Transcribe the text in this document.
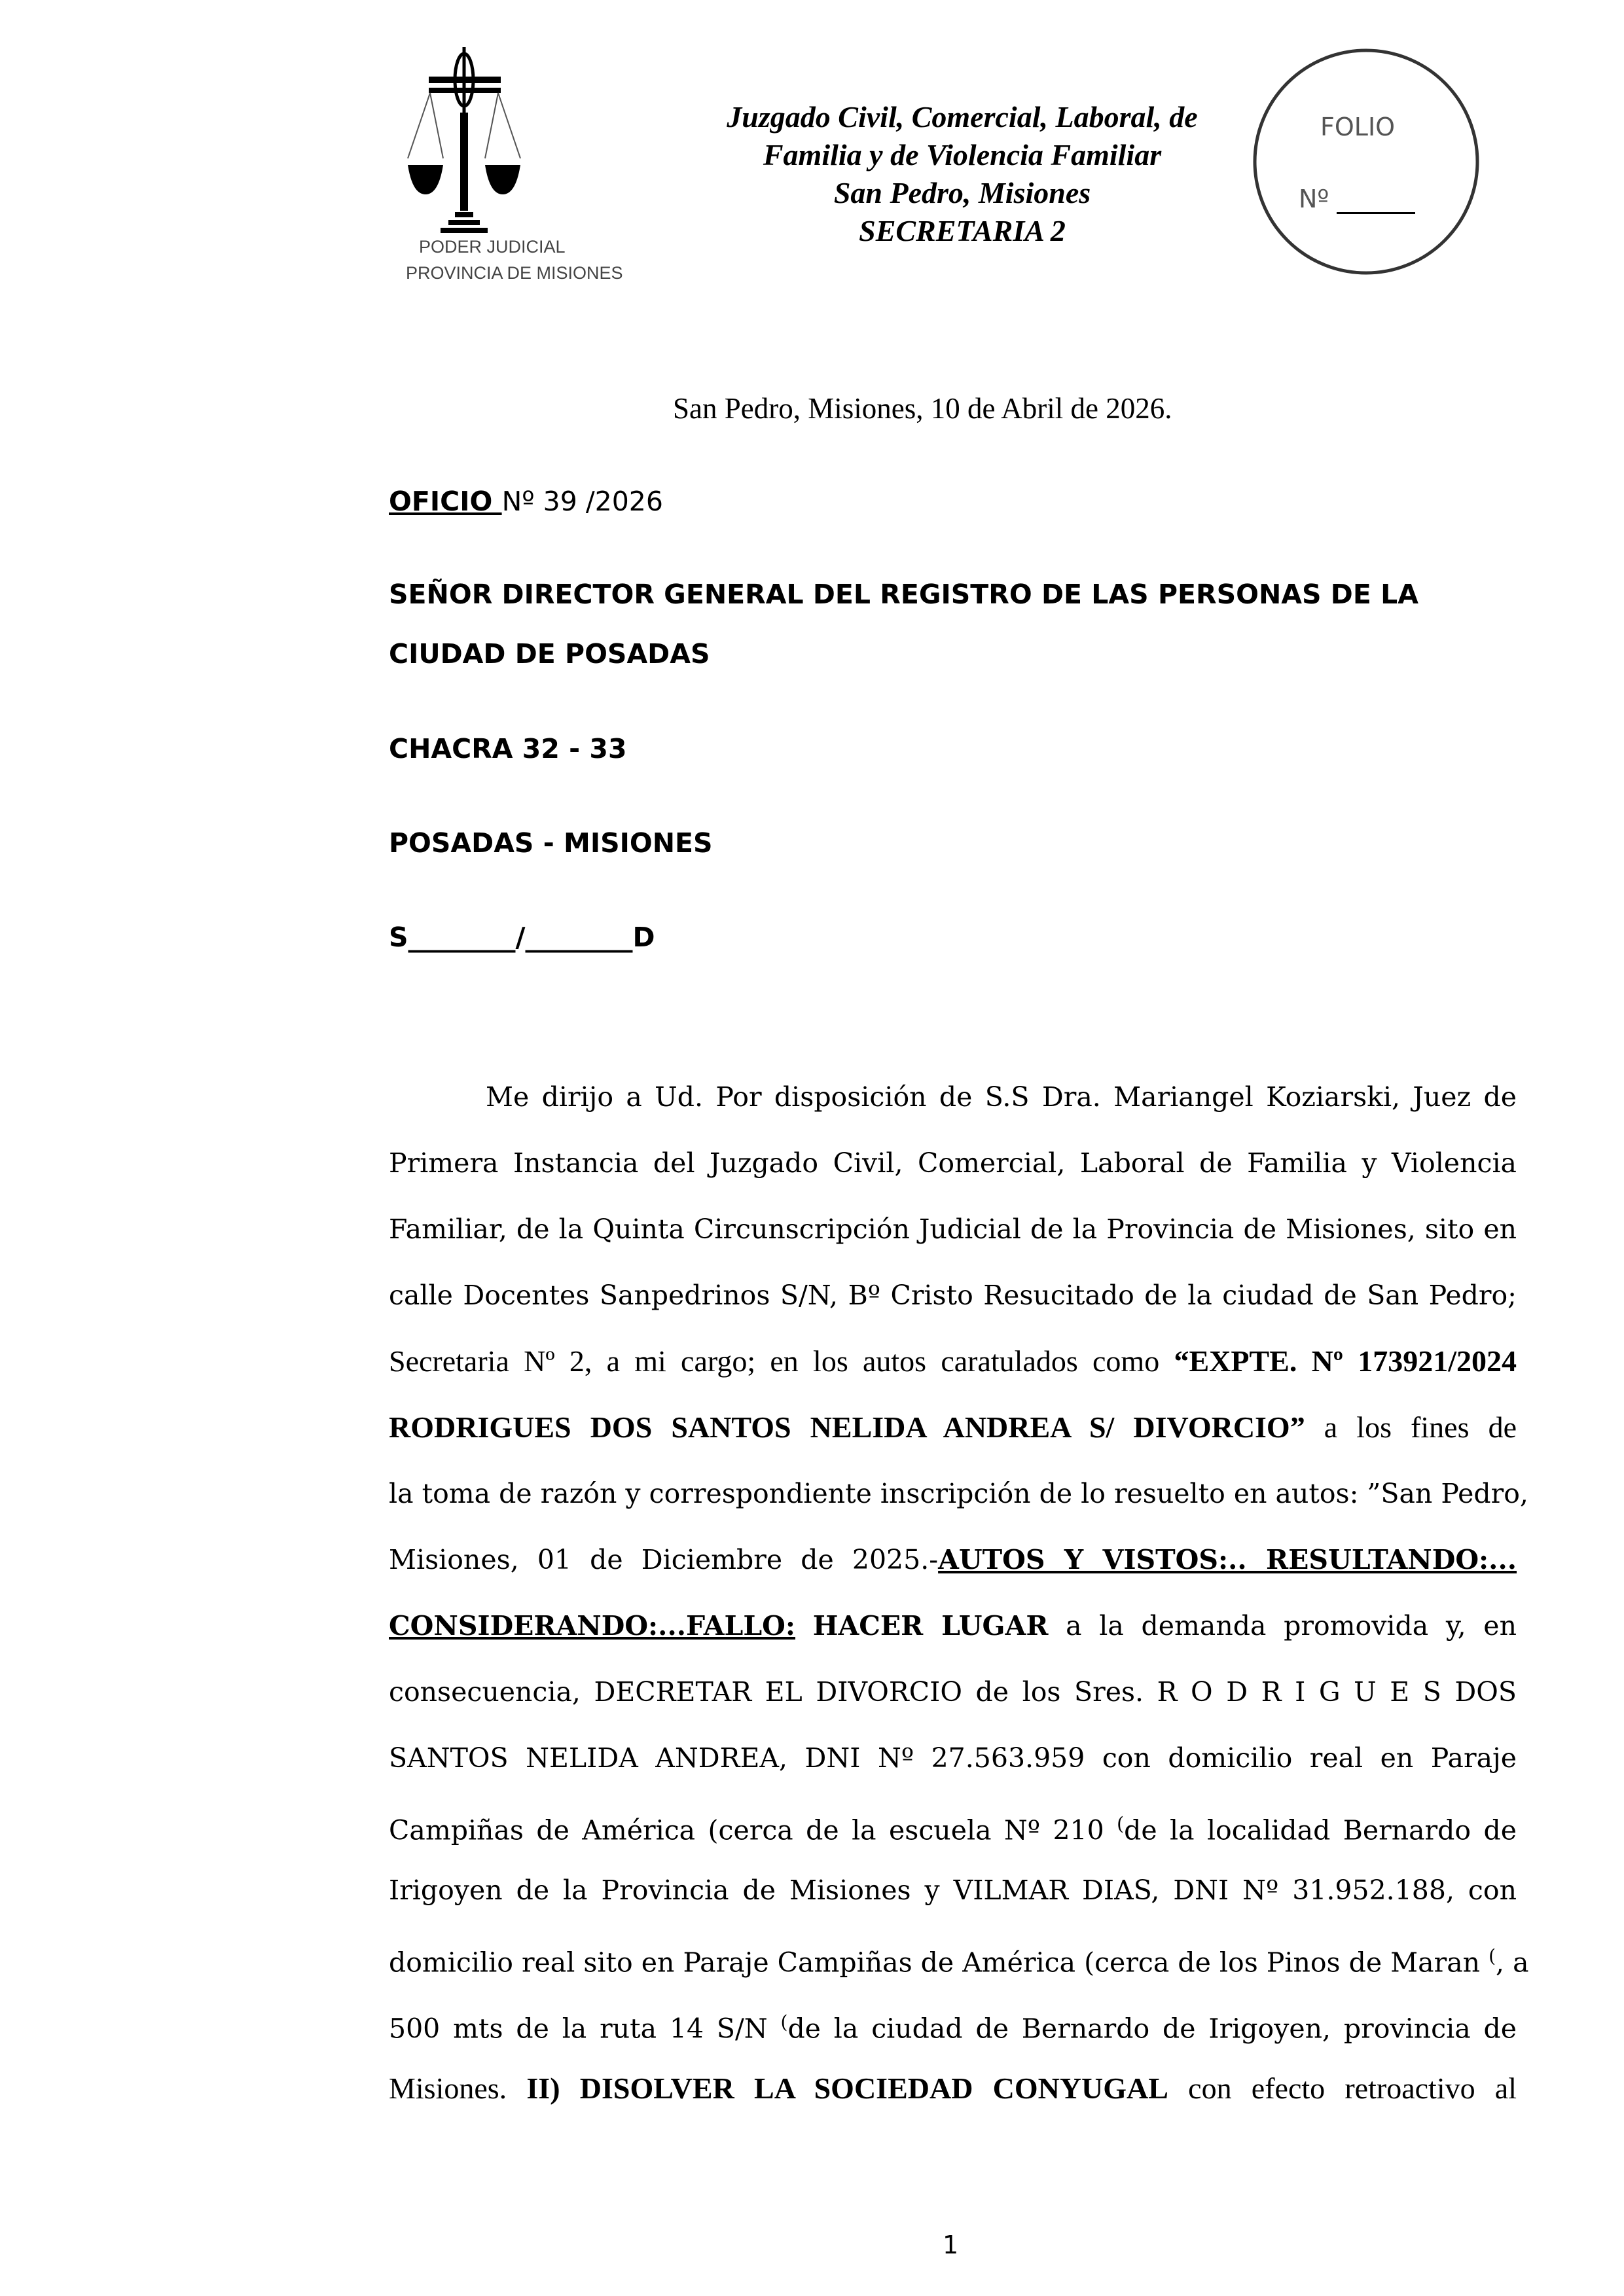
PODER JUDICIAL
PROVINCIA DE MISIONES
Juzgado Civil, Comercial, Laboral, de
Familia y de Violencia Familiar
San Pedro, Misiones
SECRETARIA 2
FOLIO
Nº
San Pedro, Misiones, 10 de Abril de 2026.
OFICIO Nº 39 /2026
SEÑOR DIRECTOR GENERAL DEL REGISTRO DE LAS PERSONAS DE LA
CIUDAD DE POSADAS
CHACRA 32 - 33
POSADAS - MISIONES
S________/________D
Me dirijo a Ud. Por disposición de S.S Dra. Mariangel Koziarski, Juez de
Primera Instancia del Juzgado Civil, Comercial, Laboral de Familia y Violencia
Familiar, de la Quinta Circunscripción Judicial de la Provincia de Misiones, sito en
calle Docentes Sanpedrinos S/N, Bº Cristo Resucitado de la ciudad de San Pedro;
Secretaria Nº 2, a mi cargo; en los autos caratulados como “EXPTE. Nº 173921/2024
RODRIGUES DOS SANTOS NELIDA ANDREA S/ DIVORCIO” a los fines de
la toma de razón y correspondiente inscripción de lo resuelto en autos: ”San Pedro,
Misiones, 01 de Diciembre de 2025.-AUTOS Y VISTOS:.. RESULTANDO:...
CONSIDERANDO:...FALLO: HACER LUGAR a la demanda promovida y, en
consecuencia, DECRETAR EL DIVORCIO de los Sres. R O D R I G U E S DOS
SANTOS NELIDA ANDREA, DNI Nº 27.563.959 con domicilio real en Paraje
Campiñas de América (cerca de la escuela Nº 210 (de la localidad Bernardo de
Irigoyen de la Provincia de Misiones y VILMAR DIAS, DNI Nº 31.952.188, con
domicilio real sito en Paraje Campiñas de América (cerca de los Pinos de Maran (, a
500 mts de la ruta 14 S/N (de la ciudad de Bernardo de Irigoyen, provincia de
Misiones. II) DISOLVER LA SOCIEDAD CONYUGAL con efecto retroactivo al
1
